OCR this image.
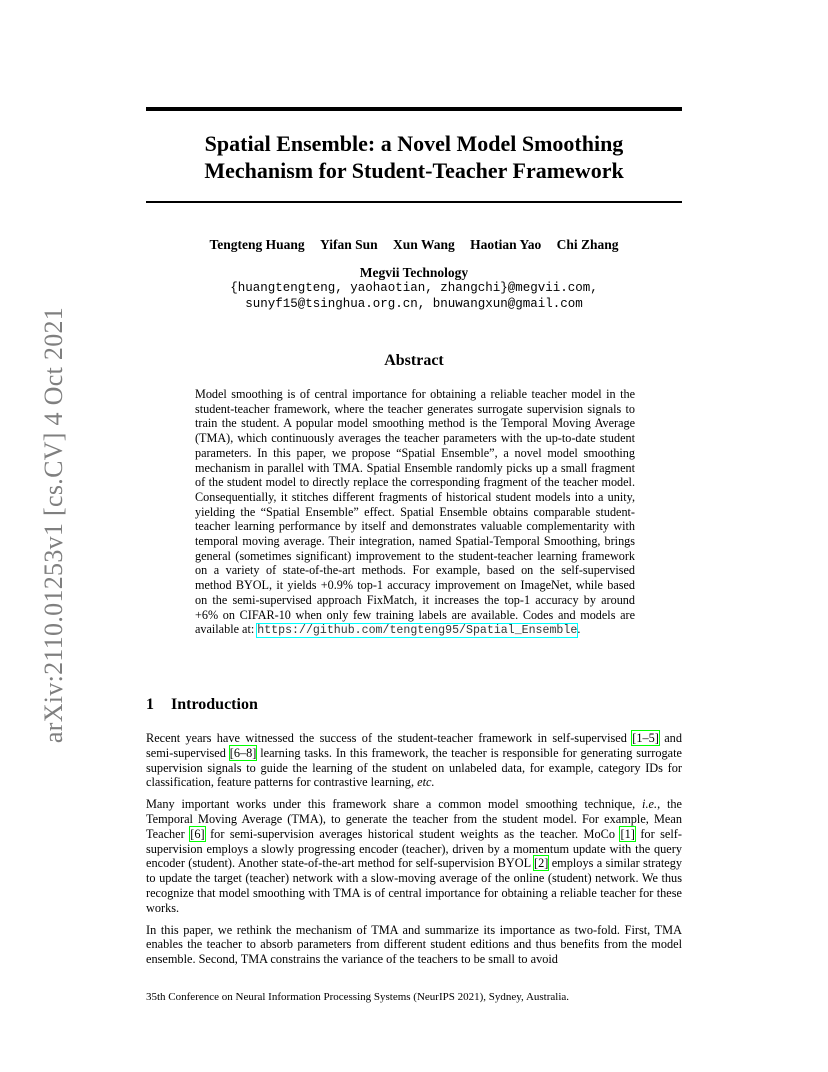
arXiv:2110.01253v1 [cs.CV] 4 Oct 2021
Spatial Ensemble: a Novel Model Smoothing
Mechanism for Student-Teacher Framework
Tengteng Huang Yifan Sun Xun Wang Haotian Yao Chi Zhang
Megvii Technology
{huangtengteng, yaohaotian, zhangchi}@megvii.com,
sunyf15@tsinghua.org.cn, bnuwangxun@gmail.com
Abstract

Model smoothing is of central importance for obtaining a reliable teacher model in the student-teacher framework, where the teacher generates surrogate supervision signals to train the student. A popular model smoothing method is the Temporal Moving Average (TMA), which continuously averages the teacher parameters with the up-to-date student parameters. In this paper, we propose “Spatial Ensemble”, a novel model smoothing mechanism in parallel with TMA. Spatial Ensemble randomly picks up a small fragment of the student model to directly replace the corresponding fragment of the teacher model. Consequentially, it stitches different fragments of historical student models into a unity, yielding the “Spatial Ensemble” effect. Spatial Ensemble obtains comparable student-teacher learning performance by itself and demonstrates valuable complementarity with temporal moving average. Their integration, named Spatial-Temporal Smoothing, brings general (sometimes significant) improvement to the student-teacher learning framework on a variety of state-of-the-art methods. For example, based on the self-supervised method BYOL, it yields +0.9% top-1 accuracy improvement on ImageNet, while based on the semi-supervised approach FixMatch, it increases the top-1 accuracy by around +6% on CIFAR-10 when only few training labels are available. Codes and models are available at: https://github.com/tengteng95/Spatial_Ensemble.

1 Introduction

Recent years have witnessed the success of the student-teacher framework in self-supervised [1–5] and semi-supervised [6–8] learning tasks. In this framework, the teacher is responsible for generating surrogate supervision signals to guide the learning of the student on unlabeled data, for example, category IDs for classification, feature patterns for contrastive learning, etc.

Many important works under this framework share a common model smoothing technique, i.e., the Temporal Moving Average (TMA), to generate the teacher from the student model. For example, Mean Teacher [6] for semi-supervision averages historical student weights as the teacher. MoCo [1] for self-supervision employs a slowly progressing encoder (teacher), driven by a momentum update with the query encoder (student). Another state-of-the-art method for self-supervision BYOL [2] employs a similar strategy to update the target (teacher) network with a slow-moving average of the online (student) network. We thus recognize that model smoothing with TMA is of central importance for obtaining a reliable teacher for these works.

In this paper, we rethink the mechanism of TMA and summarize its importance as two-fold. First, TMA enables the teacher to absorb parameters from different student editions and thus benefits from the model ensemble. Second, TMA constrains the variance of the teachers to be small to avoid

35th Conference on Neural Information Processing Systems (NeurIPS 2021), Sydney, Australia.
